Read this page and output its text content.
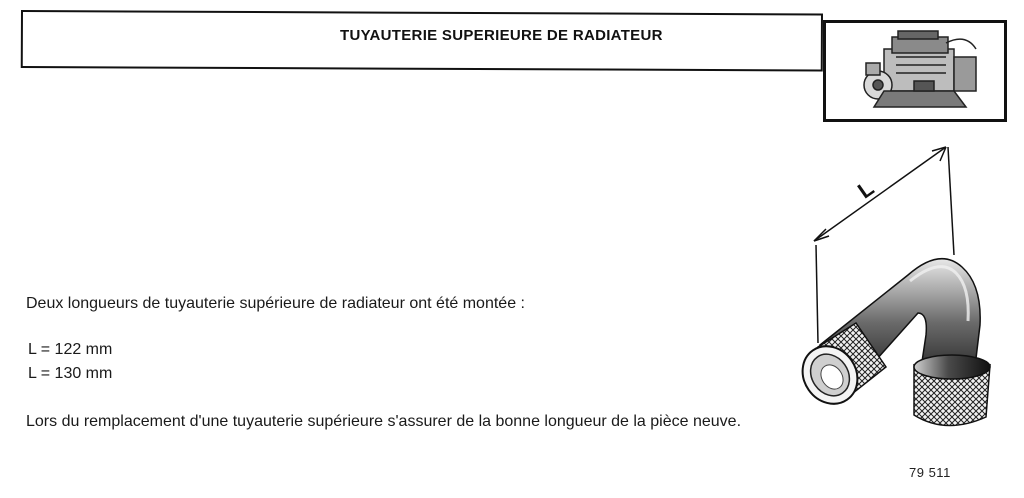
TUYAUTERIE SUPERIEURE DE RADIATEUR
L
Deux longueurs de tuyauterie supérieure de radiateur ont été montée :
L = 122 mm
L = 130 mm
Lors du remplacement d'une tuyauterie supérieure s'assurer de la bonne longueur de la pièce neuve.
79 511
